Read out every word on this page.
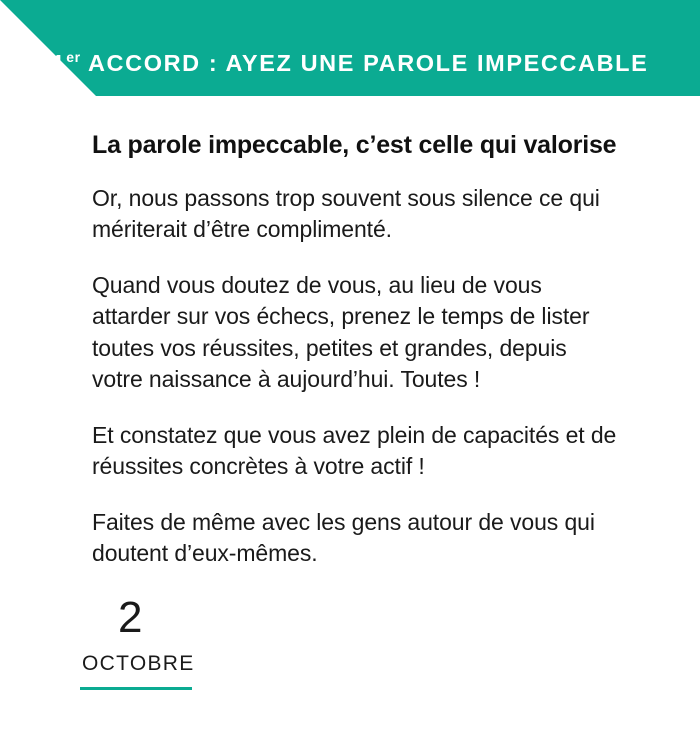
1er ACCORD : AYEZ UNE PAROLE IMPECCABLE

La parole impeccable, c’est celle qui valorise

Or, nous passons trop souvent sous silence ce qui mériterait d’être complimenté.

Quand vous doutez de vous, au lieu de vous attarder sur vos échecs, prenez le temps de lister toutes vos réussites, petites et grandes, depuis votre naissance à aujourd’hui. Toutes !

Et constatez que vous avez plein de capacités et de réussites concrètes à votre actif !

Faites de même avec les gens autour de vous qui doutent d’eux-mêmes.

2
OCTOBRE
